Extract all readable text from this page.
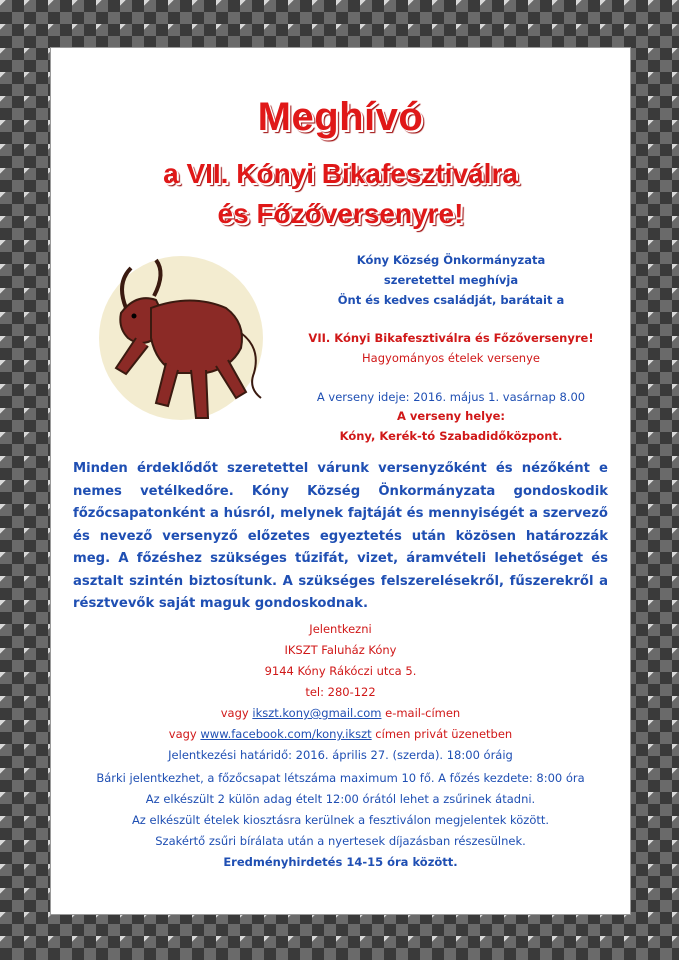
Meghívó
a VII. Kónyi Bikafesztiválra
és Főzőversenyre!
Kóny Község Önkormányzata
szeretettel meghívja
Önt és kedves családját, barátait a
VII. Kónyi Bikafesztiválra és Főzőversenyre!
Hagyományos ételek versenye
A verseny ideje: 2016. május 1. vasárnap 8.00
A verseny helye:
Kóny, Kerék-tó Szabadidőközpont.
Minden érdeklődőt szeretettel várunk versenyzőként és nézőként e nemes vetélkedőre. Kóny Község Önkormányzata gondoskodik főzőcsapatonként a húsról, melynek fajtáját és mennyiségét a szervező és nevező versenyző előzetes egyeztetés után közösen határozzák meg. A főzéshez szükséges tűzifát, vizet, áramvételi lehetőséget és asztalt szintén biztosítunk. A szükséges felszerelésekről, fűszerekről a résztvevők saját maguk gondoskodnak.
Jelentkezni
IKSZT Faluház Kóny
9144 Kóny Rákóczi utca 5.
tel: 280-122
vagy ikszt.kony@gmail.com e-mail-címen
vagy www.facebook.com/kony.ikszt címen privát üzenetben
Jelentkezési határidő: 2016. április 27. (szerda). 18:00 óráig
Bárki jelentkezhet, a főzőcsapat létszáma maximum 10 fő. A főzés kezdete: 8:00 óra
Az elkészült 2 külön adag ételt 12:00 órától lehet a zsűrinek átadni.
Az elkészült ételek kiosztásra kerülnek a fesztiválon megjelentek között.
Szakértő zsűri bírálata után a nyertesek díjazásban részesülnek.
Eredményhirdetés 14-15 óra között.
